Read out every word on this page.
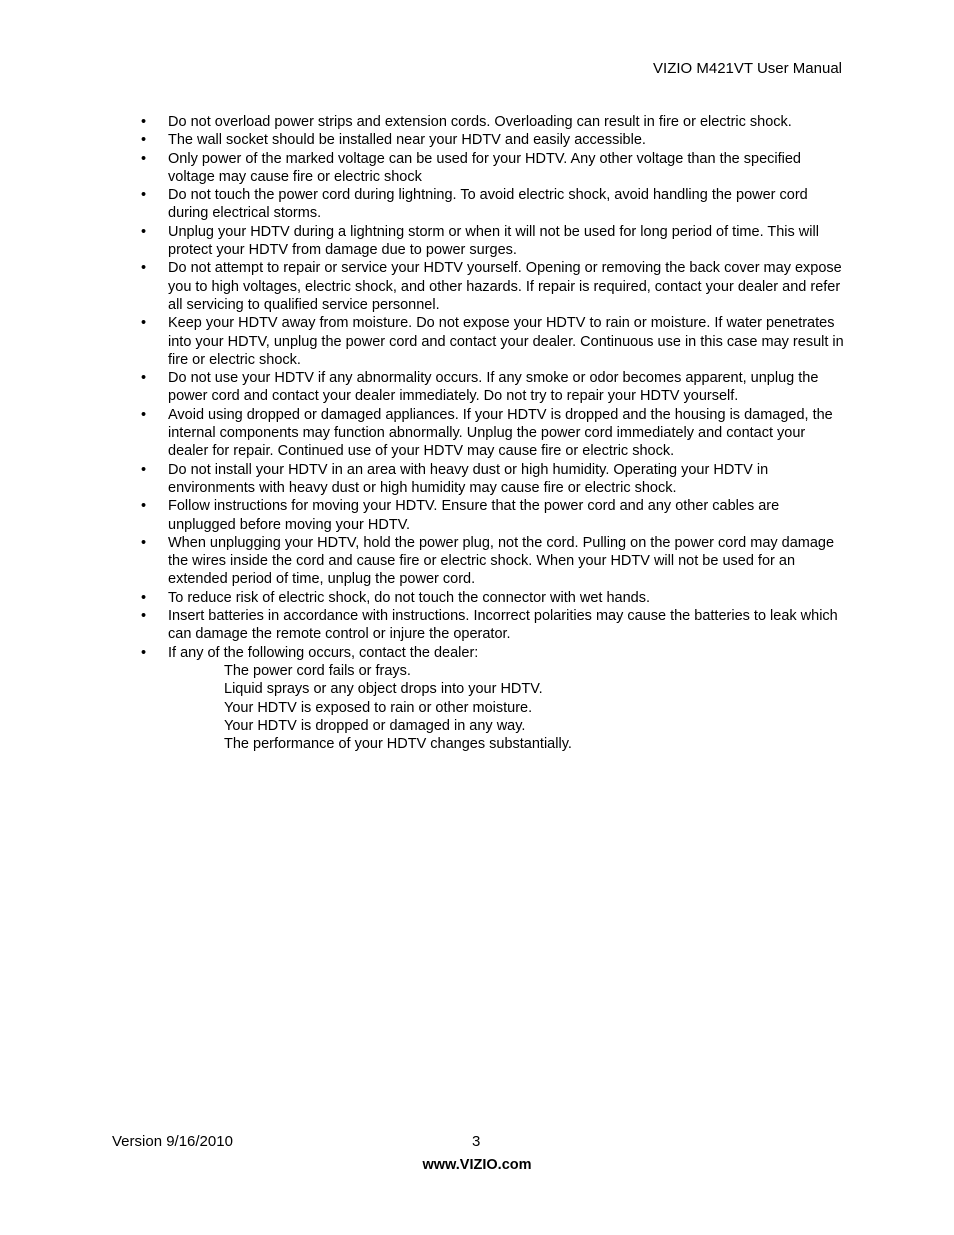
VIZIO M421VT User Manual
• Do not overload power strips and extension cords. Overloading can result in fire or electric shock.
• The wall socket should be installed near your HDTV and easily accessible.
• Only power of the marked voltage can be used for your HDTV. Any other voltage than the specified voltage may cause fire or electric shock
• Do not touch the power cord during lightning. To avoid electric shock, avoid handling the power cord during electrical storms.
• Unplug your HDTV during a lightning storm or when it will not be used for long period of time. This will protect your HDTV from damage due to power surges.
• Do not attempt to repair or service your HDTV yourself. Opening or removing the back cover may expose you to high voltages, electric shock, and other hazards. If repair is required, contact your dealer and refer all servicing to qualified service personnel.
• Keep your HDTV away from moisture. Do not expose your HDTV to rain or moisture. If water penetrates into your HDTV, unplug the power cord and contact your dealer. Continuous use in this case may result in fire or electric shock.
• Do not use your HDTV if any abnormality occurs. If any smoke or odor becomes apparent, unplug the power cord and contact your dealer immediately. Do not try to repair your HDTV yourself.
• Avoid using dropped or damaged appliances. If your HDTV is dropped and the housing is damaged, the internal components may function abnormally. Unplug the power cord immediately and contact your dealer for repair. Continued use of your HDTV may cause fire or electric shock.
• Do not install your HDTV in an area with heavy dust or high humidity. Operating your HDTV in environments with heavy dust or high humidity may cause fire or electric shock.
• Follow instructions for moving your HDTV. Ensure that the power cord and any other cables are unplugged before moving your HDTV.
• When unplugging your HDTV, hold the power plug, not the cord. Pulling on the power cord may damage the wires inside the cord and cause fire or electric shock. When your HDTV will not be used for an extended period of time, unplug the power cord.
• To reduce risk of electric shock, do not touch the connector with wet hands.
• Insert batteries in accordance with instructions. Incorrect polarities may cause the batteries to leak which can damage the remote control or injure the operator.
• If any of the following occurs, contact the dealer:
The power cord fails or frays.
Liquid sprays or any object drops into your HDTV.
Your HDTV is exposed to rain or other moisture.
Your HDTV is dropped or damaged in any way.
The performance of your HDTV changes substantially.
Version 9/16/2010	3
www.VIZIO.com
